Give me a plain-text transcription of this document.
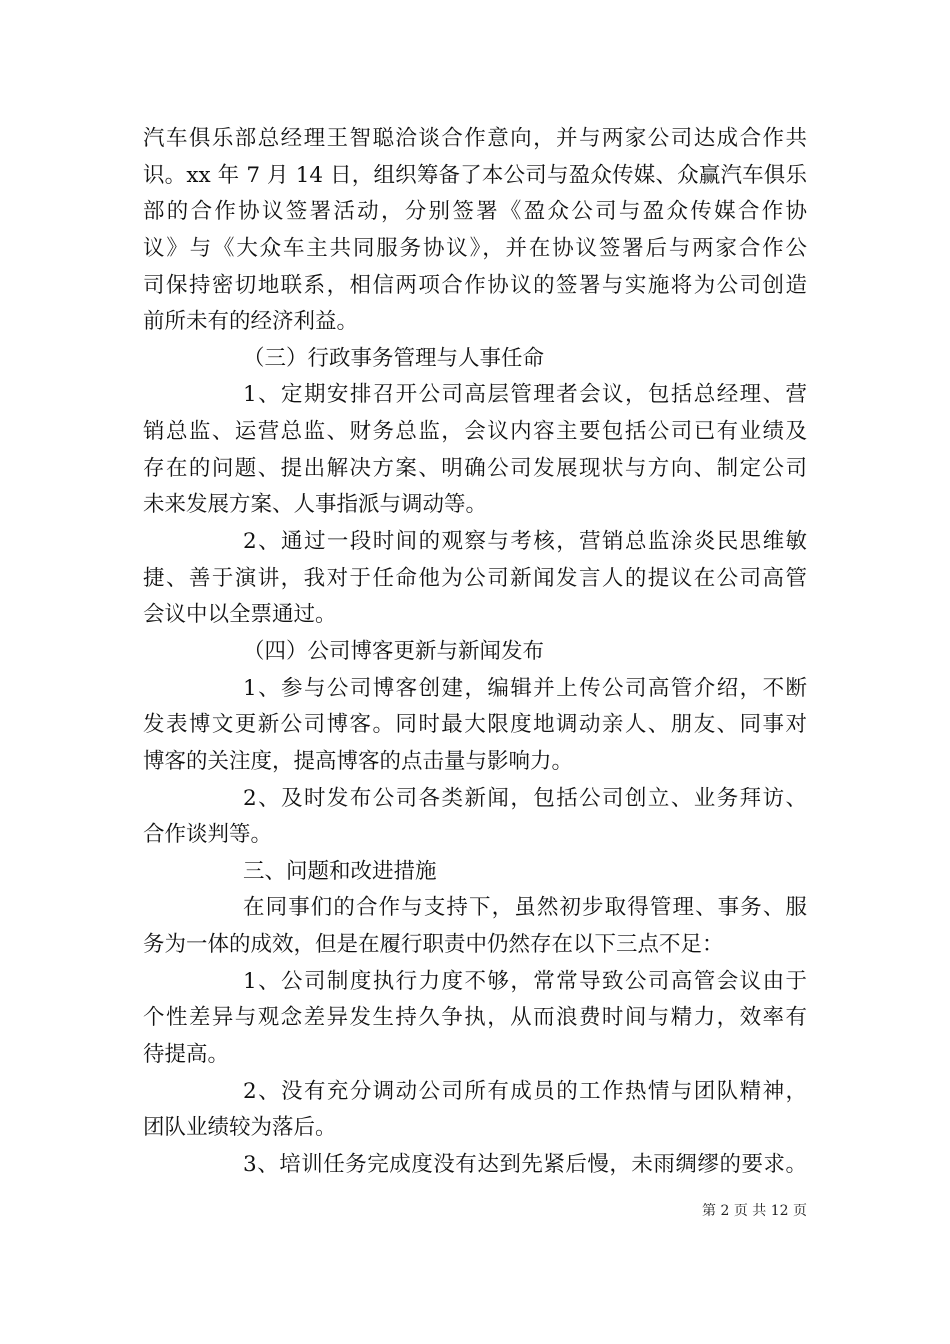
汽车俱乐部总经理王智聪洽谈合作意向，并与两家公司达成合作共
识。xx 年 7 月 14 日，组织筹备了本公司与盈众传媒、众赢汽车俱乐
部的合作协议签署活动，分别签署《盈众公司与盈众传媒合作协
议》与《大众车主共同服务协议》，并在协议签署后与两家合作公
司保持密切地联系，相信两项合作协议的签署与实施将为公司创造
前所未有的经济利益。
（三）行政事务管理与人事任命
1、定期安排召开公司高层管理者会议，包括总经理、营
销总监、运营总监、财务总监，会议内容主要包括公司已有业绩及
存在的问题、提出解决方案、明确公司发展现状与方向、制定公司
未来发展方案、人事指派与调动等。
2、通过一段时间的观察与考核，营销总监涂炎民思维敏
捷、善于演讲，我对于任命他为公司新闻发言人的提议在公司高管
会议中以全票通过。
（四）公司博客更新与新闻发布
1、参与公司博客创建，编辑并上传公司高管介绍，不断
发表博文更新公司博客。同时最大限度地调动亲人、朋友、同事对
博客的关注度，提高博客的点击量与影响力。
2、及时发布公司各类新闻，包括公司创立、业务拜访、
合作谈判等。
三、问题和改进措施
在同事们的合作与支持下，虽然初步取得管理、事务、服
务为一体的成效，但是在履行职责中仍然存在以下三点不足：
1、公司制度执行力度不够，常常导致公司高管会议由于
个性差异与观念差异发生持久争执，从而浪费时间与精力，效率有
待提高。
2、没有充分调动公司所有成员的工作热情与团队精神，
团队业绩较为落后。
3、培训任务完成度没有达到先紧后慢，未雨绸缪的要求。
第 2 页 共 12 页
